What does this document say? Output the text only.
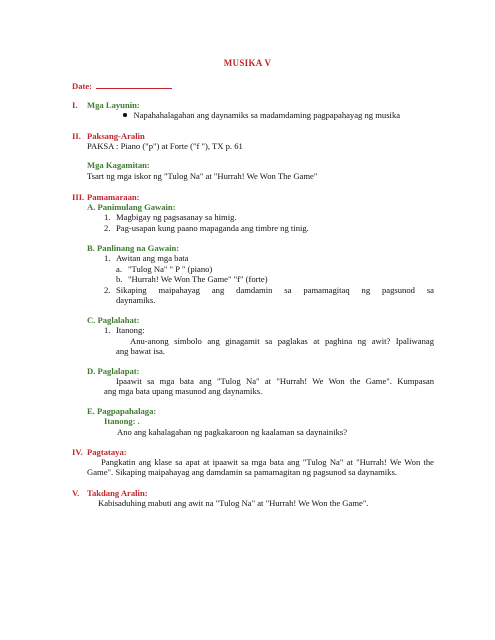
MUSIKA V
Date:
I. Mga Layunin:
Napahahalagahan ang daynamiks sa madamdaming pagpapahayag ng musika
II. Paksang-Aralin
PAKSA : Piano ("p") at Forte ("f "), TX p. 61
Mga Kagamitan:
Tsart ng mga iskor ng "Tulog Na" at "Hurrah! We Won The Game"
III. Pamamaraan:
A. Panimulang Gawain:
1. Magbigay ng pagsasanay sa himig.
2. Pag-usapan kung paano mapaganda ang timbre ng tinig.
B. Panlinang na Gawain:
1. Awitan ang mga bata
a. "Tulog Na" " P " (piano)
b. "Hurrah! We Won The Game" "f" (forte)
2. Sikaping maipahayag ang damdamin sa pamamagitaq ng pagsunod sa
daynamiks.
C. Paglalahat:
1. Itanong:
Anu-anong simbolo ang ginagamit sa paglakas at paghina ng awit? Ipaliwanag
ang bawat isa.
D. Paglalapat:
Ipaawit sa mga bata ang "Tulog Na" at "Hurrah! We Won the Game". Kumpasan
ang mga bata upang masunod ang daynamiks.
E. Pagpapahalaga:
Itanong: .
Ano ang kahalagahan ng pagkakaroon ng kaalaman sa daynainiks?
IV. Pagtataya:
Pangkatin ang klase sa apat at ipaawit sa mga bata ang "Tulog Na" at "Hurrah! We Won the
Game". Sikaping maipahayag ang damdamin sa pamamagitan ng pagsunod sa daynamiks.
V. Takdang Aralin:
Kabisaduhing mabuti ang awit na "Tulog Na" at "Hurrah! We Won the Game".
